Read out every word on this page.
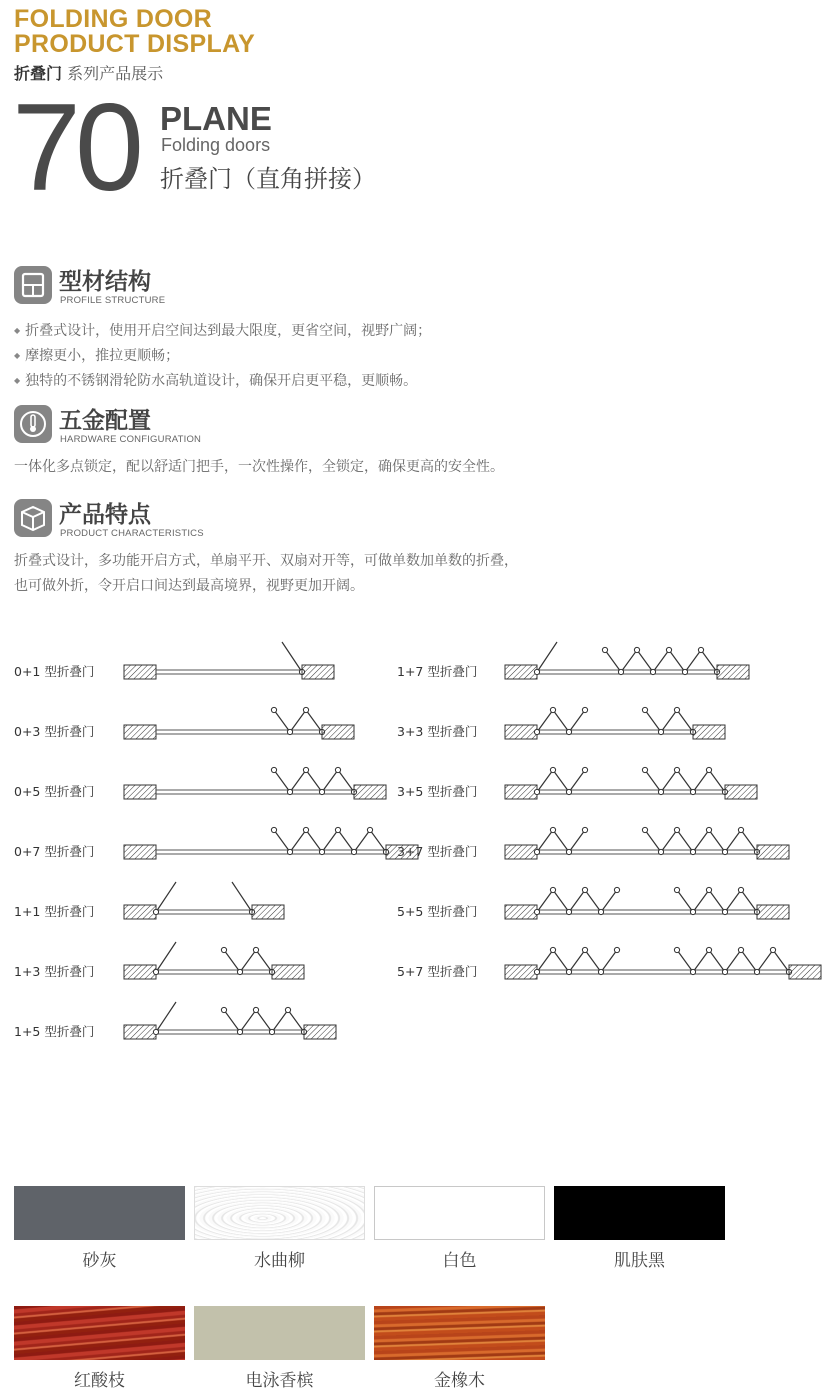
FOLDING DOOR
PRODUCT DISPLAY
折叠门 系列产品展示
70 PLANE
Folding doors
折叠门（直角拼接）
型材结构
PROFILE STRUCTURE
◆ 折叠式设计，使用开启空间达到最大限度，更省空间，视野广阔；
◆ 摩擦更小，推拉更顺畅；
◆ 独特的不锈钢滑轮防水高轨道设计，确保开启更平稳，更顺畅。
五金配置
HARDWARE CONFIGURATION
一体化多点锁定，配以舒适门把手，一次性操作，全锁定，确保更高的安全性。
产品特点
PRODUCT CHARACTERISTICS
折叠式设计，多功能开启方式，单扇平开、双扇对开等，可做单数加单数的折叠，
也可做外折，令开启口间达到最高境界，视野更加开阔。
0+1 型折叠门
0+3 型折叠门
0+5 型折叠门
0+7 型折叠门
1+1 型折叠门
1+3 型折叠门
1+5 型折叠门
1+7 型折叠门
3+3 型折叠门
3+5 型折叠门
3+7 型折叠门
5+5 型折叠门
5+7 型折叠门
砂灰	水曲柳	白色	肌肤黑
红酸枝	电泳香槟	金橡木
